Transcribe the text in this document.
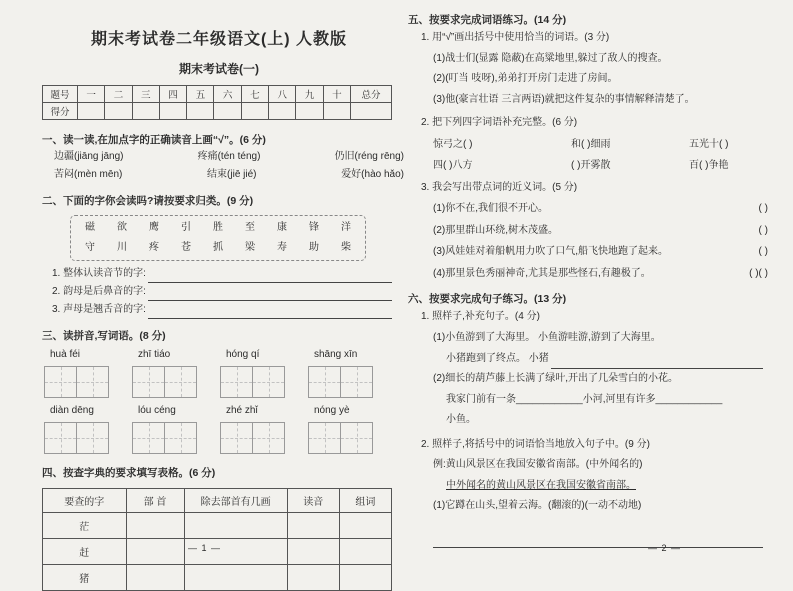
期末考试卷二年级语文(上) 人教版
期末考试卷(一)
题号	一	二	三	四	五	六	七	八	九	十	总分
得分											
一、读一读,在加点字的正确读音上画“√”。(6 分)
边疆(jiāng jāng)	疼痛(tén téng)	仍旧(réng rēng)
苦闷(mèn mēn)	结束(jiē jié)	爱好(hào hǎo)
二、下面的字你会读吗?请按要求归类。(9 分)
磁 欲 鹰 引 胜 至 康 锋 洋
守 川 疼 苍 抓 梁 寿 助 柴
1. 整体认读音节的字:
2. 韵母是后鼻音的字:
3. 声母是翘舌音的字:
三、读拼音,写词语。(8 分)
huà féi	zhī tiáo	hóng qí	shāng xīn
diàn dēng	lóu céng	zhé zhǐ	nóng yè
四、按查字典的要求填写表格。(6 分)
要查的字	部 首	除去部首有几画	读音	组词
茫				
赶				
猪				
— 1 —
五、按要求完成词语练习。(14 分)
1. 用“√”画出括号中使用恰当的词语。(3 分)
(1)战士们(显露 隐蔽)在高粱地里,躲过了敌人的搜查。
(2)(叮当 吱呀),弟弟打开房门走进了房间。
(3)他(豪言壮语 三言两语)就把这件复杂的事情解释清楚了。
2. 把下列四字词语补充完整。(6 分)
惊弓之( )	和( )细雨	五光十( )
四( )八方	( )开雾散	百( )争艳
3. 我会写出带点词的近义词。(5 分)
(1)你不在,我们很不开心。	( )
(2)那里群山环绕,树木茂盛。	( )
(3)风娃娃对着船帆用力吹了口气,船飞快地跑了起来。	( )
(4)那里景色秀丽神奇,尤其是那些怪石,有趣极了。	( )( )
六、按要求完成句子练习。(13 分)
1. 照样子,补充句子。(4 分)
(1)小鱼游到了大海里。 小鱼游哇游,游到了大海里。
小猪跑到了终点。 小猪
(2)细长的葫芦藤上长满了绿叶,开出了几朵雪白的小花。
我家门前有一条____________小河,河里有许多____________
小鱼。
2. 照样子,将括号中的词语恰当地放入句子中。(9 分)
例:黄山风景区在我国安徽省南部。(中外闻名的)
中外闻名的黄山风景区在我国安徽省南部。
(1)它蹲在山头,望着云海。(翻滚的)(一动不动地)
— 2 —
